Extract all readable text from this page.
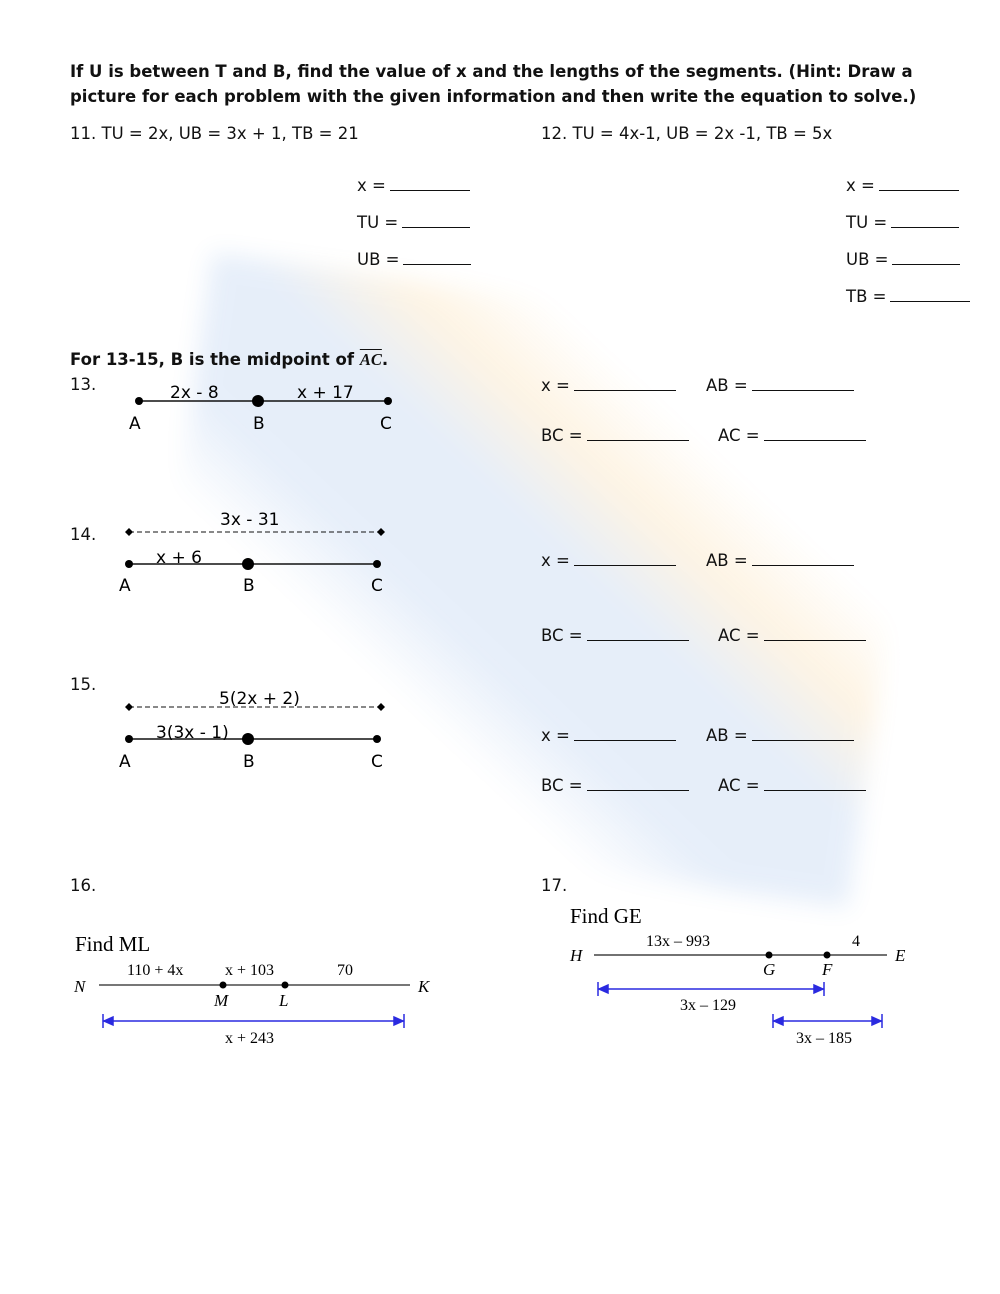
If U is between T and B, find the value of x and the lengths of the segments. (Hint: Draw a
picture for each problem with the given information and then write the equation to solve.)
11. TU = 2x, UB = 3x + 1, TB = 21
x =
TU =
UB =
12. TU = 4x-1, UB = 2x -1, TB = 5x
x =
TU =
UB =
TB =
For 13-15, B is the midpoint of $\overline{AC}$.
13.
14.
15.
16.	17.
x =	AB =
BC =	AC =
x =	AB =
BC =	AC =
x =	AB =
BC =	AC =
2x - 8	x + 17
A	B	C
3x - 31
x + 6
A	B	C
5(2x + 2)
3(3x - 1)
A	B	C
Find ML
110 + 4x	x + 103	70
N
M	L
K
x + 243
Find GE
13x – 993	4
H
G	F
E
3x – 129
3x – 185
